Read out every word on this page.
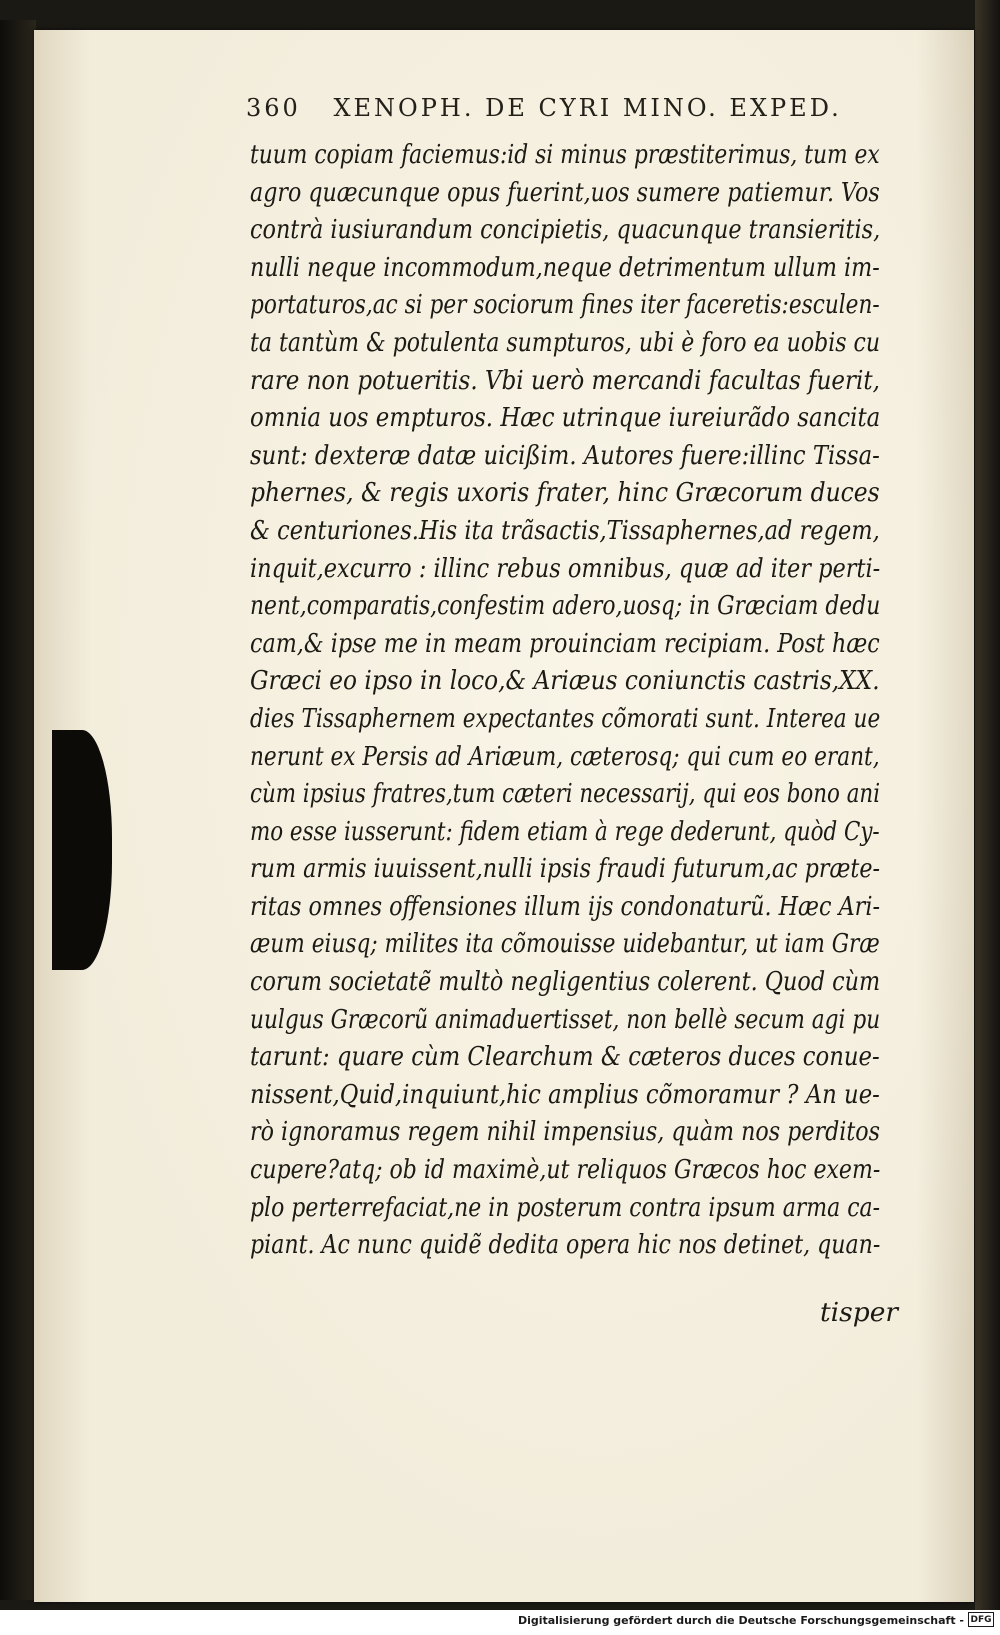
360 XENOPH. DE CYRI MINO. EXPED.
tuum copiam faciemus:id si minus præstiterimus, tum ex
agro quæcunque opus fuerint,uos sumere patiemur. Vos
contrà iusiurandum concipietis, quacunque transieritis,
nulli neque incommodum,neque detrimentum ullum im-
portaturos,ac si per sociorum fines iter faceretis:esculen-
ta tantùm & potulenta sumpturos, ubi è foro ea uobis cu
rare non potueritis. Vbi uerò mercandi facultas fuerit,
omnia uos empturos. Hæc utrinque iureiurãdo sancita
sunt: dexteræ datæ uicißim. Autores fuere:illinc Tissa-
phernes, & regis uxoris frater, hinc Græcorum duces
& centuriones.His ita trãsactis,Tissaphernes,ad regem,
inquit,excurro : illinc rebus omnibus, quæ ad iter perti-
nent,comparatis,confestim adero,uosq; in Græciam dedu
cam,& ipse me in meam prouinciam recipiam. Post hæc
Græci eo ipso in loco,& Ariæus coniunctis castris,XX.
dies Tissaphernem expectantes cõmorati sunt. Interea ue
nerunt ex Persis ad Ariæum, cæterosq; qui cum eo erant,
cùm ipsius fratres,tum cæteri necessarij, qui eos bono ani
mo esse iusserunt: fidem etiam à rege dederunt, quòd Cy-
rum armis iuuissent,nulli ipsis fraudi futurum,ac præte-
ritas omnes offensiones illum ijs condonaturũ. Hæc Ari-
æum eiusq; milites ita cõmouisse uidebantur, ut iam Græ
corum societatẽ multò negligentius colerent. Quod cùm
uulgus Græcorũ animaduertisset, non bellè secum agi pu
tarunt: quare cùm Clearchum & cæteros duces conue-
nissent,Quid,inquiunt,hic amplius cõmoramur ? An ue-
rò ignoramus regem nihil impensius, quàm nos perditos
cupere?atq; ob id maximè,ut reliquos Græcos hoc exem-
plo perterrefaciat,ne in posterum contra ipsum arma ca-
piant. Ac nunc quidẽ dedita opera hic nos detinet, quan-
tisper
Digitalisierung gefördert durch die Deutsche Forschungsgemeinschaft - DFG
